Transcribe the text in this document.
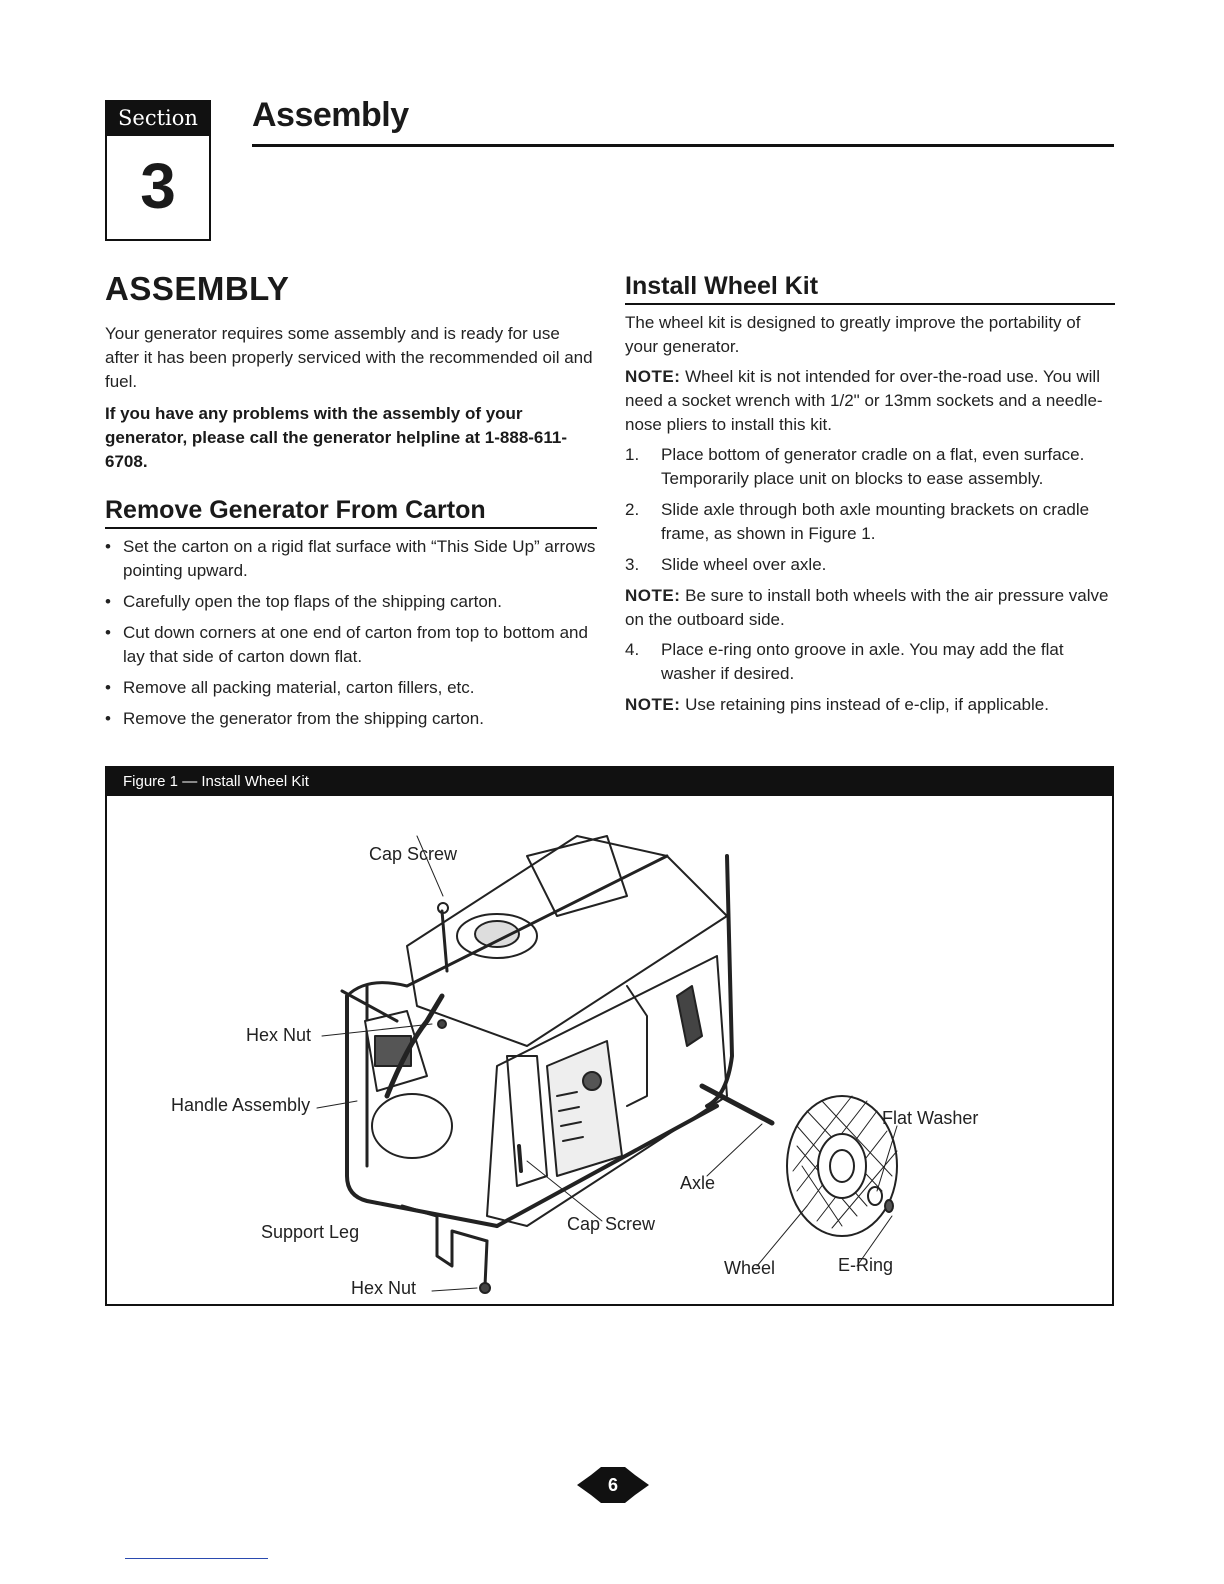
Section
3
Assembly
ASSEMBLY

Your generator requires some assembly and is ready for use after it has been properly serviced with the recommended oil and fuel.

If you have any problems with the assembly of your generator, please call the generator helpline at 1-888-611-6708.

Remove Generator From Carton
• Set the carton on a rigid flat surface with “This Side Up” arrows pointing upward.
• Carefully open the top flaps of the shipping carton.
• Cut down corners at one end of carton from top to bottom and lay that side of carton down flat.
• Remove all packing material, carton fillers, etc.
• Remove the generator from the shipping carton.
Install Wheel Kit

The wheel kit is designed to greatly improve the portability of your generator.

NOTE: Wheel kit is not intended for over-the-road use. You will need a socket wrench with 1/2" or 13mm sockets and a needle-nose pliers to install this kit.

1. Place bottom of generator cradle on a flat, even surface. Temporarily place unit on blocks to ease assembly.
2. Slide axle through both axle mounting brackets on cradle frame, as shown in Figure 1.
3. Slide wheel over axle.

NOTE: Be sure to install both wheels with the air pressure valve on the outboard side.

4. Place e-ring onto groove in axle. You may add the flat washer if desired.

NOTE: Use retaining pins instead of e-clip, if applicable.

Figure 1 — Install Wheel Kit
Cap Screw
Hex Nut
Handle Assembly
Support Leg
Hex Nut
Cap Screw
Axle
Wheel
Flat Washer
E-Ring
6
